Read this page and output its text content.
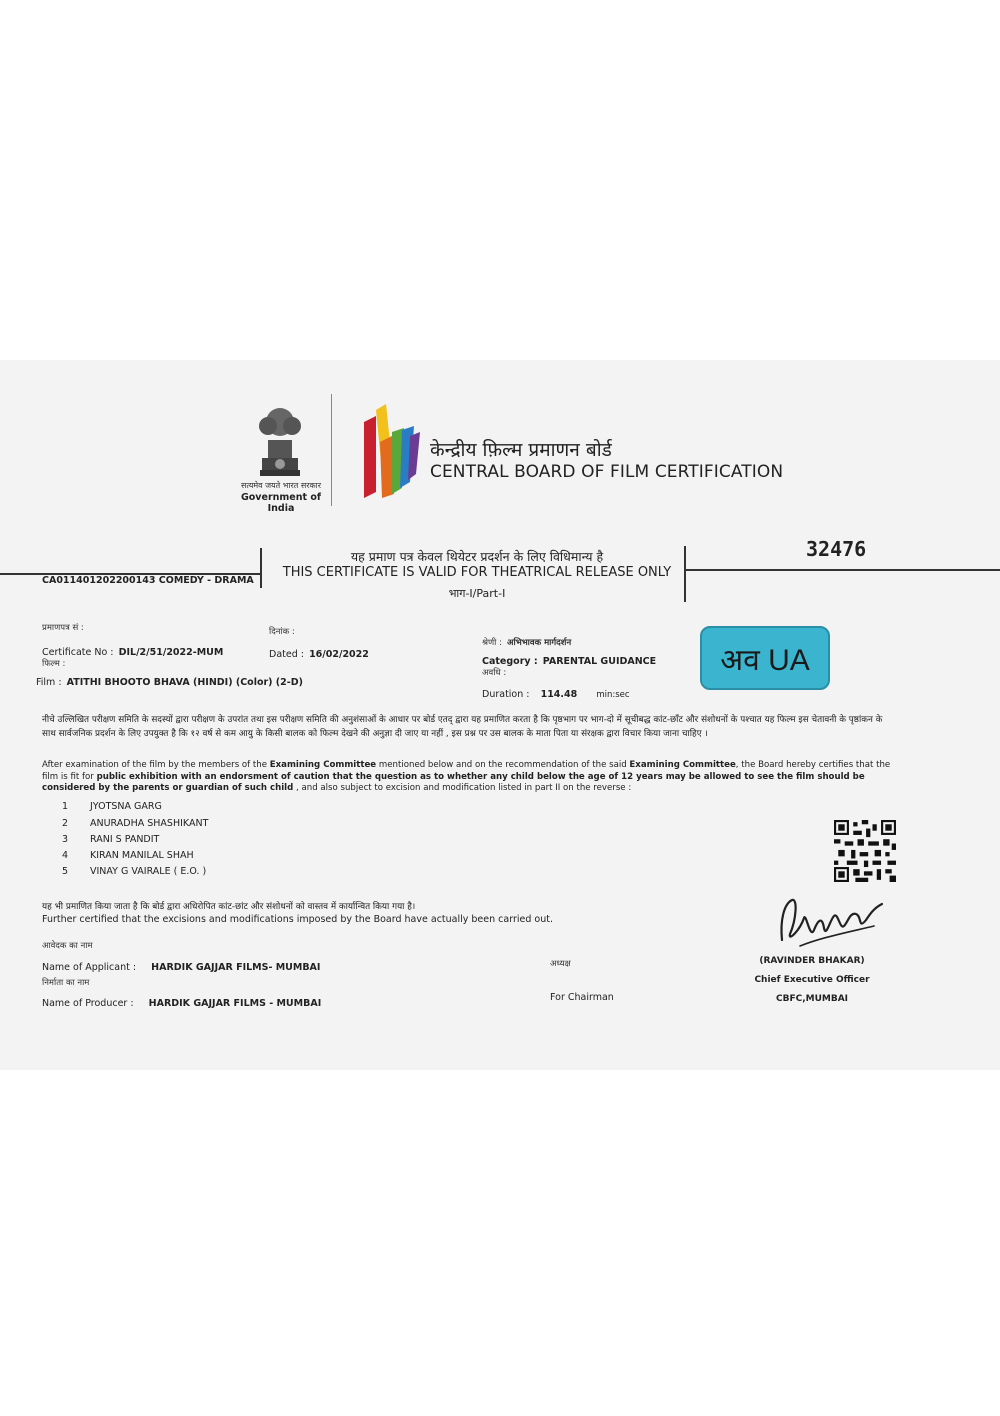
सत्यमेव जयते भारत सरकार
Government of India
केन्द्रीय फ़िल्म प्रमाणन बोर्ड
CENTRAL BOARD OF FILM CERTIFICATION
32476
यह प्रमाण पत्र केवल थियेटर प्रदर्शन के लिए विधिमान्य है
THIS CERTIFICATE IS VALID FOR THEATRICAL RELEASE ONLY
भाग-I/Part-I
CA011401202200143 COMEDY - DRAMA
प्रमाणपत्र सं :
Certificate No : DIL/2/51/2022-MUM
फिल्म :
Film : ATITHI BHOOTO BHAVA (HINDI) (Color) (2-D)
दिनांक :
Dated : 16/02/2022
श्रेणी : अभिभावक मार्गदर्शन
Category : PARENTAL GUIDANCE
अवधि :
Duration : 114.48 min:sec
अव UA
नीचे उल्लिखित परीक्षण समिति के सदस्यों द्वारा परीक्षण के उपरांत तथा इस परीक्षण समिति की अनुशंसाओं के आधार पर बोर्ड एतद् द्वारा यह प्रमाणित करता है कि पृष्ठभाग पर भाग-दो में सूचीबद्ध कांट-छाँट और संशोधनों के पश्चात यह फिल्म इस चेतावनी के पृष्ठांकन के साथ सार्वजनिक प्रदर्शन के लिए उपयुक्त है कि १२ वर्ष से कम आयु के किसी बालक को फिल्म देखने की अनुज्ञा दी जाए या नहीं , इस प्रश्न पर उस बालक के माता पिता या संरक्षक द्वारा विचार किया जाना चाहिए ।
After examination of the film by the members of the Examining Committee mentioned below and on the recommendation of the said Examining Committee, the Board hereby certifies that the film is fit for public exhibition with an endorsment of caution that the question as to whether any child below the age of 12 years may be allowed to see the film should be considered by the parents or guardian of such child , and also subject to excision and modification listed in part II on the reverse :
1 JYOTSNA GARG
2 ANURADHA SHASHIKANT
3 RANI S PANDIT
4 KIRAN MANILAL SHAH
5 VINAY G VAIRALE ( E.O. )
यह भी प्रमाणित किया जाता है कि बोर्ड द्वारा अधिरोपित कांट-छांट और संशोधनों को वास्तव में कार्यान्वित किया गया है।
Further certified that the excisions and modifications imposed by the Board have actually been carried out.
आवेदक का नाम
Name of Applicant : HARDIK GAJJAR FILMS- MUMBAI
निर्माता का नाम
Name of Producer : HARDIK GAJJAR FILMS - MUMBAI
अध्यक्ष
For Chairman
(RAVINDER BHAKAR)
Chief Executive Officer
CBFC,MUMBAI
